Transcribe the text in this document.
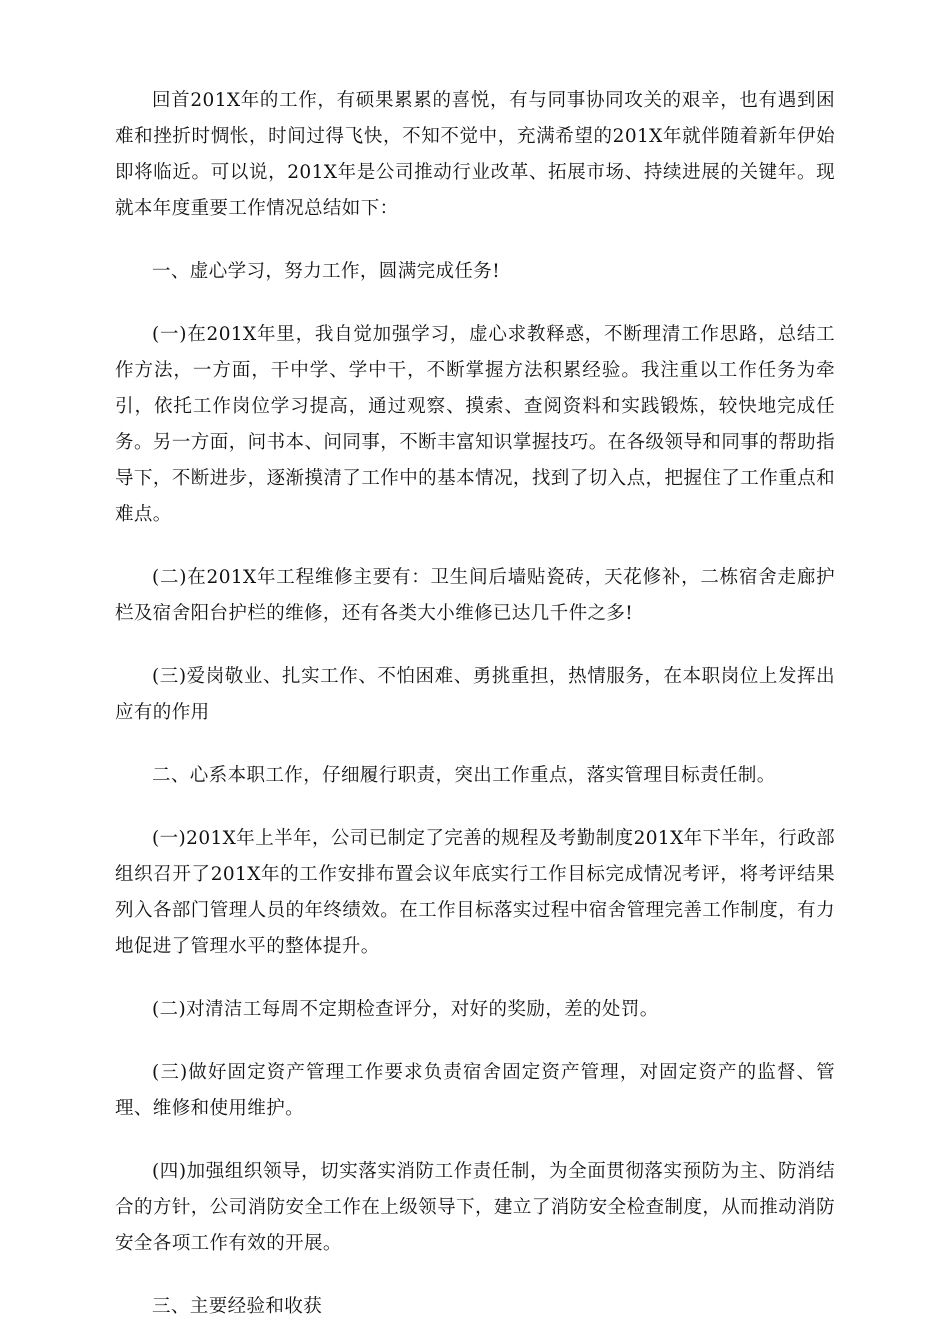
回首201X年的工作，有硕果累累的喜悦，有与同事协同攻关的艰辛，也有遇到困难和挫折时惆怅，时间过得飞快，不知不觉中，充满希望的201X年就伴随着新年伊始即将临近。可以说，201X年是公司推动行业改革、拓展市场、持续进展的关键年。现就本年度重要工作情况总结如下：

一、虚心学习，努力工作，圆满完成任务!

(一)在201X年里，我自觉加强学习，虚心求教释惑，不断理清工作思路，总结工作方法，一方面，干中学、学中干，不断掌握方法积累经验。我注重以工作任务为牵引，依托工作岗位学习提高，通过观察、摸索、查阅资料和实践锻炼，较快地完成任务。另一方面，问书本、问同事，不断丰富知识掌握技巧。在各级领导和同事的帮助指导下，不断进步，逐渐摸清了工作中的基本情况，找到了切入点，把握住了工作重点和难点。

(二)在201X年工程维修主要有：卫生间后墙贴瓷砖，天花修补，二栋宿舍走廊护栏及宿舍阳台护栏的维修，还有各类大小维修已达几千件之多!

(三)爱岗敬业、扎实工作、不怕困难、勇挑重担，热情服务，在本职岗位上发挥出应有的作用

二、心系本职工作，仔细履行职责，突出工作重点，落实管理目标责任制。

(一)201X年上半年，公司已制定了完善的规程及考勤制度201X年下半年，行政部组织召开了201X年的工作安排布置会议年底实行工作目标完成情况考评，将考评结果列入各部门管理人员的年终绩效。在工作目标落实过程中宿舍管理完善工作制度，有力地促进了管理水平的整体提升。

(二)对清洁工每周不定期检查评分，对好的奖励，差的处罚。

(三)做好固定资产管理工作要求负责宿舍固定资产管理，对固定资产的监督、管理、维修和使用维护。

(四)加强组织领导，切实落实消防工作责任制，为全面贯彻落实预防为主、防消结合的方针，公司消防安全工作在上级领导下，建立了消防安全检查制度，从而推动消防安全各项工作有效的开展。

三、主要经验和收获
